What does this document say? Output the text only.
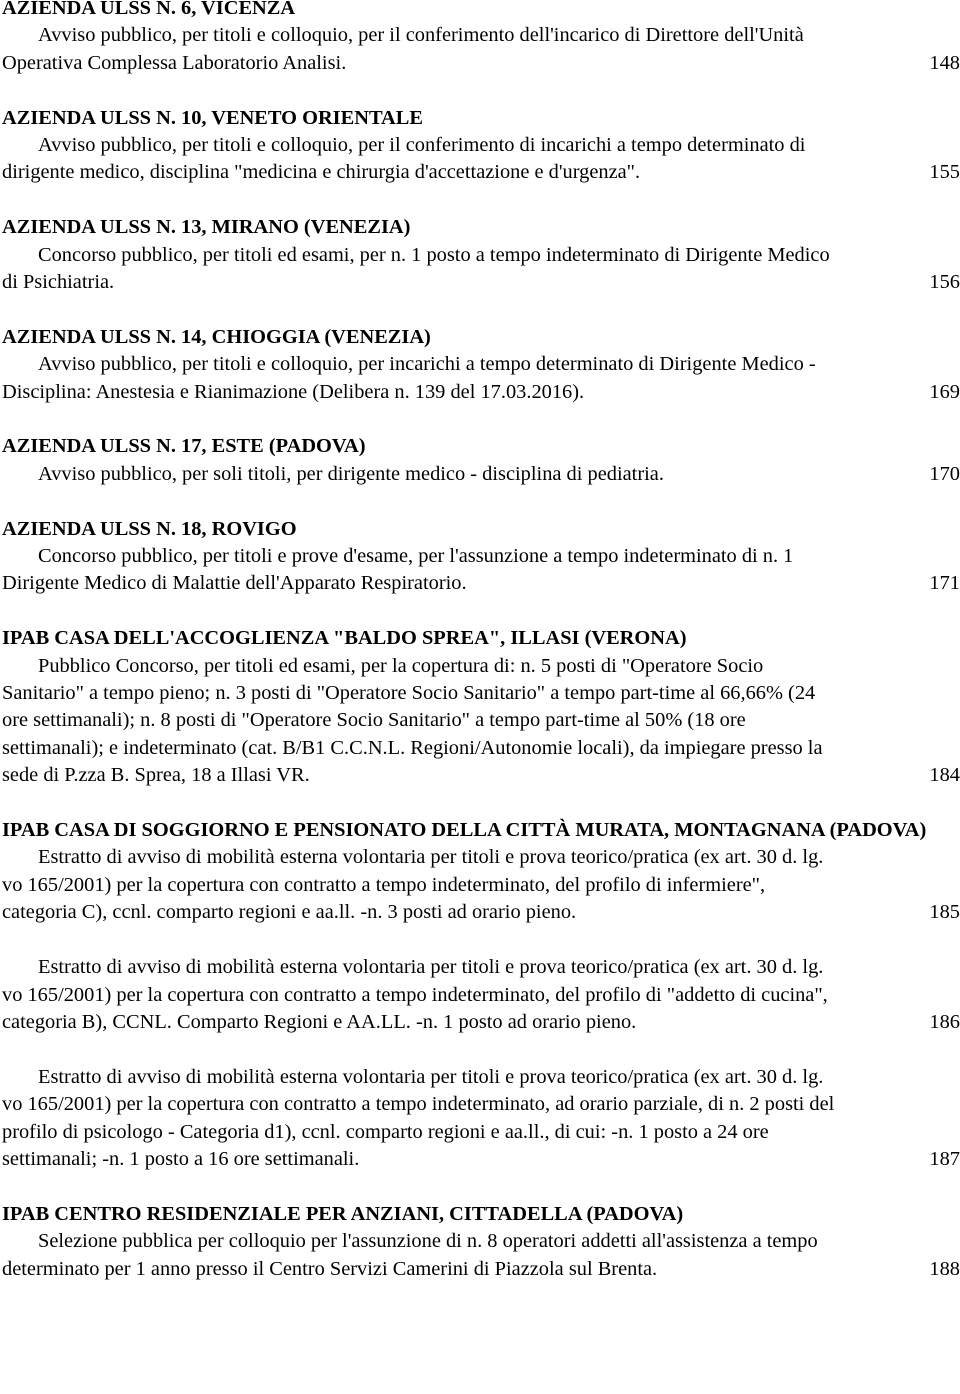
AZIENDA ULSS N. 6, VICENZA

Avviso pubblico, per titoli e colloquio, per il conferimento dell'incarico di Direttore dell'Unità Operativa Complessa Laboratorio Analisi.	148

AZIENDA ULSS N. 10, VENETO ORIENTALE

Avviso pubblico, per titoli e colloquio, per il conferimento di incarichi a tempo determinato di dirigente medico, disciplina "medicina e chirurgia d'accettazione e d'urgenza".	155

AZIENDA ULSS N. 13, MIRANO (VENEZIA)

Concorso pubblico, per titoli ed esami, per n. 1 posto a tempo indeterminato di Dirigente Medico di Psichiatria.	156

AZIENDA ULSS N. 14, CHIOGGIA (VENEZIA)

Avviso pubblico, per titoli e colloquio, per incarichi a tempo determinato di Dirigente Medico - Disciplina: Anestesia e Rianimazione (Delibera n. 139 del 17.03.2016).	169

AZIENDA ULSS N. 17, ESTE (PADOVA)

Avviso pubblico, per soli titoli, per dirigente medico - disciplina di pediatria.	170

AZIENDA ULSS N. 18, ROVIGO

Concorso pubblico, per titoli e prove d'esame, per l'assunzione a tempo indeterminato di n. 1 Dirigente Medico di Malattie dell'Apparato Respiratorio.	171

IPAB CASA DELL'ACCOGLIENZA "BALDO SPREA", ILLASI (VERONA)

Pubblico Concorso, per titoli ed esami, per la copertura di: n. 5 posti di "Operatore Socio Sanitario" a tempo pieno; n. 3 posti di "Operatore Socio Sanitario" a tempo part-time al 66,66% (24 ore settimanali); n. 8 posti di "Operatore Socio Sanitario" a tempo part-time al 50% (18 ore settimanali); e indeterminato (cat. B/B1 C.C.N.L. Regioni/Autonomie locali), da impiegare presso la sede di P.zza B. Sprea, 18 a Illasi VR.	184

IPAB CASA DI SOGGIORNO E PENSIONATO DELLA CITTÀ MURATA, MONTAGNANA (PADOVA)

Estratto di avviso di mobilità esterna volontaria per titoli e prova teorico/pratica (ex art. 30 d. lg. vo 165/2001) per la copertura con contratto a tempo indeterminato, del profilo di infermiere", categoria C), ccnl. comparto regioni e aa.ll. -n. 3 posti ad orario pieno.	185

Estratto di avviso di mobilità esterna volontaria per titoli e prova teorico/pratica (ex art. 30 d. lg. vo 165/2001) per la copertura con contratto a tempo indeterminato, del profilo di "addetto di cucina", categoria B), CCNL. Comparto Regioni e AA.LL. -n. 1 posto ad orario pieno.	186

Estratto di avviso di mobilità esterna volontaria per titoli e prova teorico/pratica (ex art. 30 d. lg. vo 165/2001) per la copertura con contratto a tempo indeterminato, ad orario parziale, di n. 2 posti del profilo di psicologo - Categoria d1), ccnl. comparto regioni e aa.ll., di cui: -n. 1 posto a 24 ore settimanali; -n. 1 posto a 16 ore settimanali.	187

IPAB CENTRO RESIDENZIALE PER ANZIANI, CITTADELLA (PADOVA)

Selezione pubblica per colloquio per l'assunzione di n. 8 operatori addetti all'assistenza a tempo determinato per 1 anno presso il Centro Servizi Camerini di Piazzola sul Brenta.	188
